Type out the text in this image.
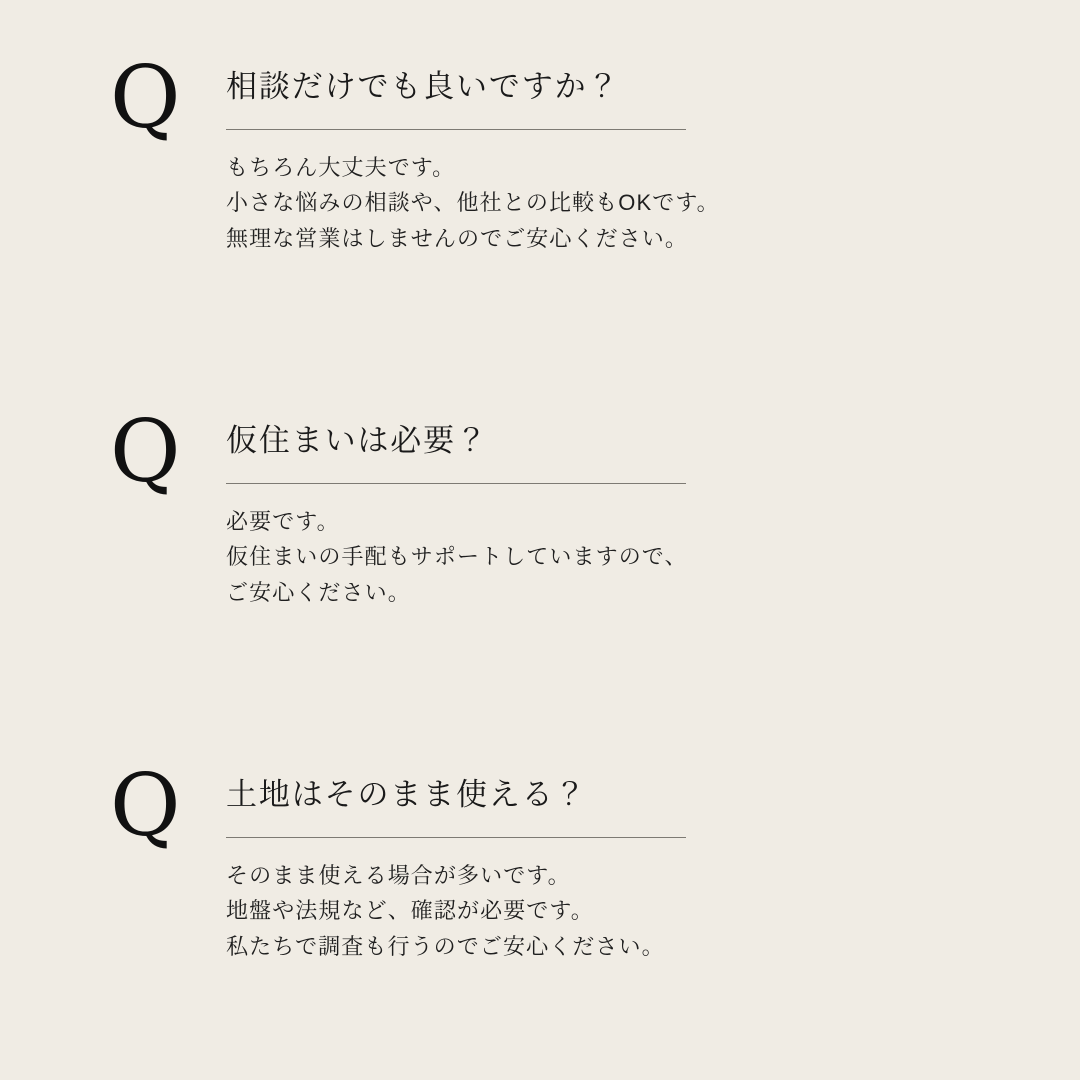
Q	相談だけでも良いですか？
もちろん大丈夫です。
小さな悩みの相談や、他社との比較もOKです。
無理な営業はしませんのでご安心ください。
Q	仮住まいは必要？
必要です。
仮住まいの手配もサポートしていますので、
ご安心ください。
Q	土地はそのまま使える？
そのまま使える場合が多いです。
地盤や法規など、確認が必要です。
私たちで調査も行うのでご安心ください。
